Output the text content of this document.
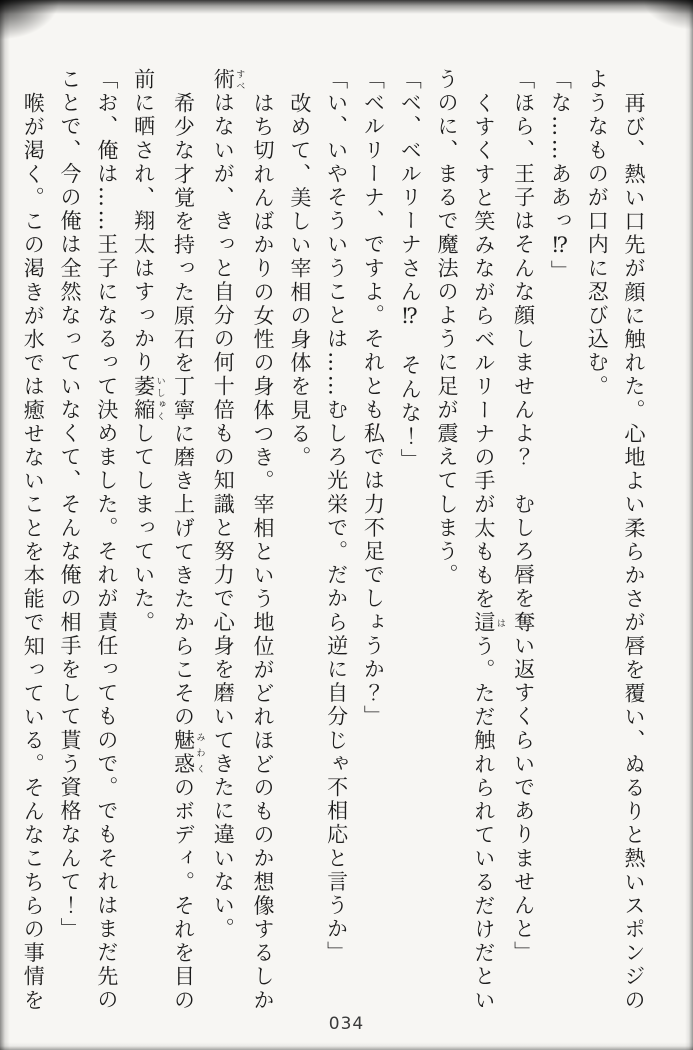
再び、熱い口先が顔に触れた。心地よい柔らかさが唇を覆い、ぬるりと熱いスポンジの
ようなものが口内に忍び込む。
「な……ああっ⁉」
「ほら、王子はそんな顔しませんよ？　むしろ唇を奪い返すくらいでありませんと」
くすくすと笑みながらベルリーナの手が太ももを這 はう。ただ触れられているだけだとい
うのに、まるで魔法のように足が震えてしまう。
「ベ、ベルリーナさん⁉　そんな！」
「ベルリーナ、ですよ。それとも私では力不足でしょうか？」
「い、いやそういうことは……むしろ光栄で。だから逆に自分じゃ不相応と言うか」
改めて、美しい宰相の身体を見る。
はち切れんばかりの女性の身体つき。宰相という地位がどれほどのものか想像するしか
術 すべはないが、きっと自分の何十倍もの知識と努力で心身を磨いてきたに違いない。
希少な才覚を持った原石を丁寧に磨き上げてきたからこその魅惑 みわくのボディ。それを目の
前に晒され、翔太はすっかり萎縮 いしゅくしてしまっていた。
「お、俺は……王子になるって決めました。それが責任ってもので。でもそれはまだ先の
ことで、今の俺は全然なっていなくて、そんな俺の相手をして貰う資格なんて！」
喉が渇く。この渇きが水では癒せないことを本能で知っている。そんなこちらの事情を
034
